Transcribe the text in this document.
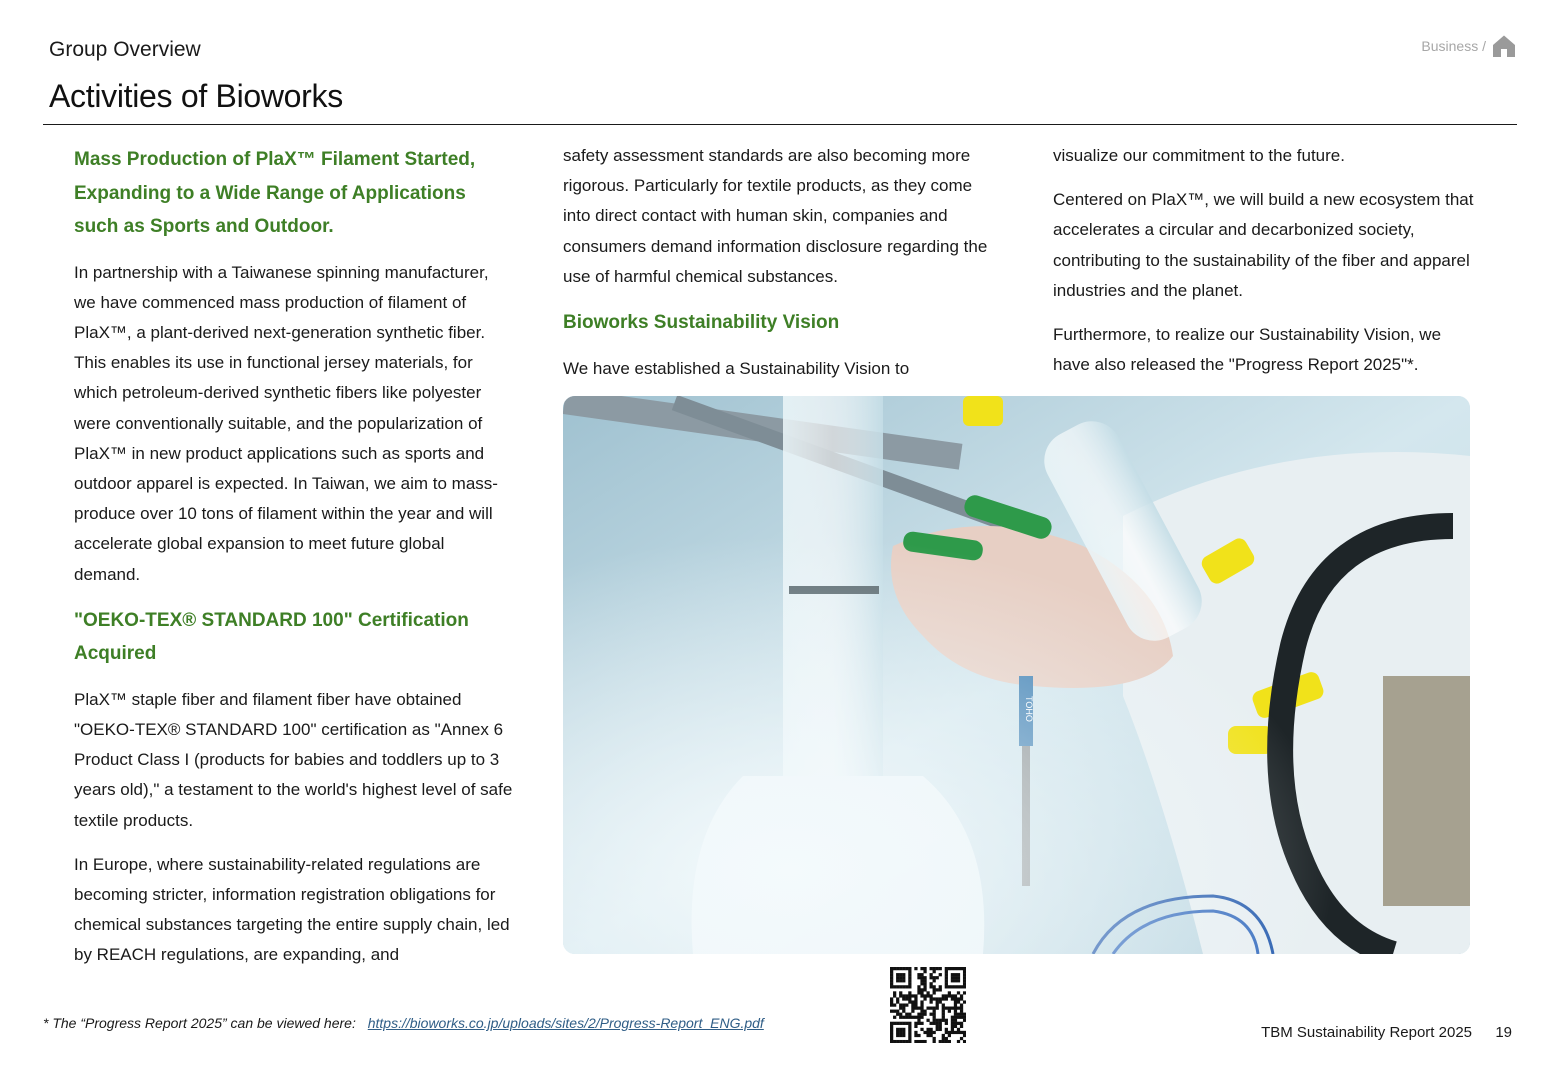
Group Overview
Activities of Bioworks
Business /
Mass Production of PlaX™ Filament Started, Expanding to a Wide Range of Applications such as Sports and Outdoor.

In partnership with a Taiwanese spinning manufacturer, we have commenced mass production of filament of PlaX™, a plant-derived next-generation synthetic fiber. This enables its use in functional jersey materials, for which petroleum-derived synthetic fibers like polyester were conventionally suitable, and the popularization of PlaX™ in new product applications such as sports and outdoor apparel is expected. In Taiwan, we aim to mass-produce over 10 tons of filament within the year and will accelerate global expansion to meet future global demand.

"OEKO-TEX® STANDARD 100" Certification Acquired

PlaX™ staple fiber and filament fiber have obtained "OEKO-TEX® STANDARD 100" certification as "Annex 6 Product Class I (products for babies and toddlers up to 3 years old)," a testament to the world's highest level of safe textile products.

In Europe, where sustainability-related regulations are becoming stricter, information registration obligations for chemical substances targeting the entire supply chain, led by REACH regulations, are expanding, and

safety assessment standards are also becoming more rigorous. Particularly for textile products, as they come into direct contact with human skin, companies and consumers demand information disclosure regarding the use of harmful chemical substances.

Bioworks Sustainability Vision

We have established a Sustainability Vision to

visualize our commitment to the future.

Centered on PlaX™, we will build a new ecosystem that accelerates a circular and decarbonized society, contributing to the sustainability of the fiber and apparel industries and the planet.

Furthermore, to realize our Sustainability Vision, we have also released the "Progress Report 2025"*.

* The “Progress Report 2025” can be viewed here: https://bioworks.co.jp/uploads/sites/2/Progress-Report_ENG.pdf
TBM Sustainability Report 2025	19
